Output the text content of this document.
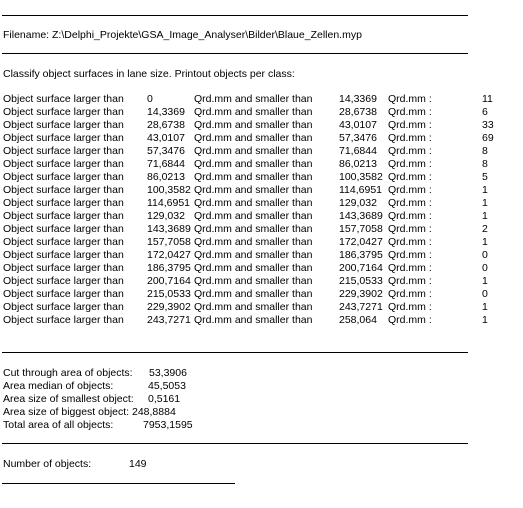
Filename: Z:\Delphi_Projekte\GSA_Image_Analyser\Bilder\Blaue_Zellen.myp
Classify object surfaces in lane size. Printout objects per class:
Object surface larger than 0	Qrd.mm and smaller than	14,3369 Qrd.mm :	11
Object surface larger than 14,3369 Qrd.mm and smaller than	28,6738 Qrd.mm :	6
Object surface larger than 28,6738 Qrd.mm and smaller than	43,0107 Qrd.mm :	33
Object surface larger than 43,0107 Qrd.mm and smaller than	57,3476 Qrd.mm :	69
Object surface larger than 57,3476 Qrd.mm and smaller than	71,6844 Qrd.mm :	8
Object surface larger than 71,6844 Qrd.mm and smaller than	86,0213 Qrd.mm :	8
Object surface larger than 86,0213 Qrd.mm and smaller than	100,3582 Qrd.mm :	5
Object surface larger than 100,3582 Qrd.mm and smaller than	114,6951 Qrd.mm :	1
Object surface larger than 114,6951 Qrd.mm and smaller than	129,032 Qrd.mm :	1
Object surface larger than 129,032 Qrd.mm and smaller than	143,3689 Qrd.mm :	1
Object surface larger than 143,3689 Qrd.mm and smaller than	157,7058 Qrd.mm :	2
Object surface larger than 157,7058 Qrd.mm and smaller than	172,0427 Qrd.mm :	1
Object surface larger than 172,0427 Qrd.mm and smaller than	186,3795 Qrd.mm :	0
Object surface larger than 186,3795 Qrd.mm and smaller than	200,7164 Qrd.mm :	0
Object surface larger than 200,7164 Qrd.mm and smaller than	215,0533 Qrd.mm :	1
Object surface larger than 215,0533 Qrd.mm and smaller than	229,3902 Qrd.mm :	0
Object surface larger than 229,3902 Qrd.mm and smaller than	243,7271 Qrd.mm :	1
Object surface larger than 243,7271 Qrd.mm and smaller than	258,064 Qrd.mm :	1
Cut through area of objects: 53,3906
Area median of objects:	45,5053
Area size of smallest object: 0,5161
Area size of biggest object: 248,8884
Total area of all objects:	7953,1595
Number of objects:	149
